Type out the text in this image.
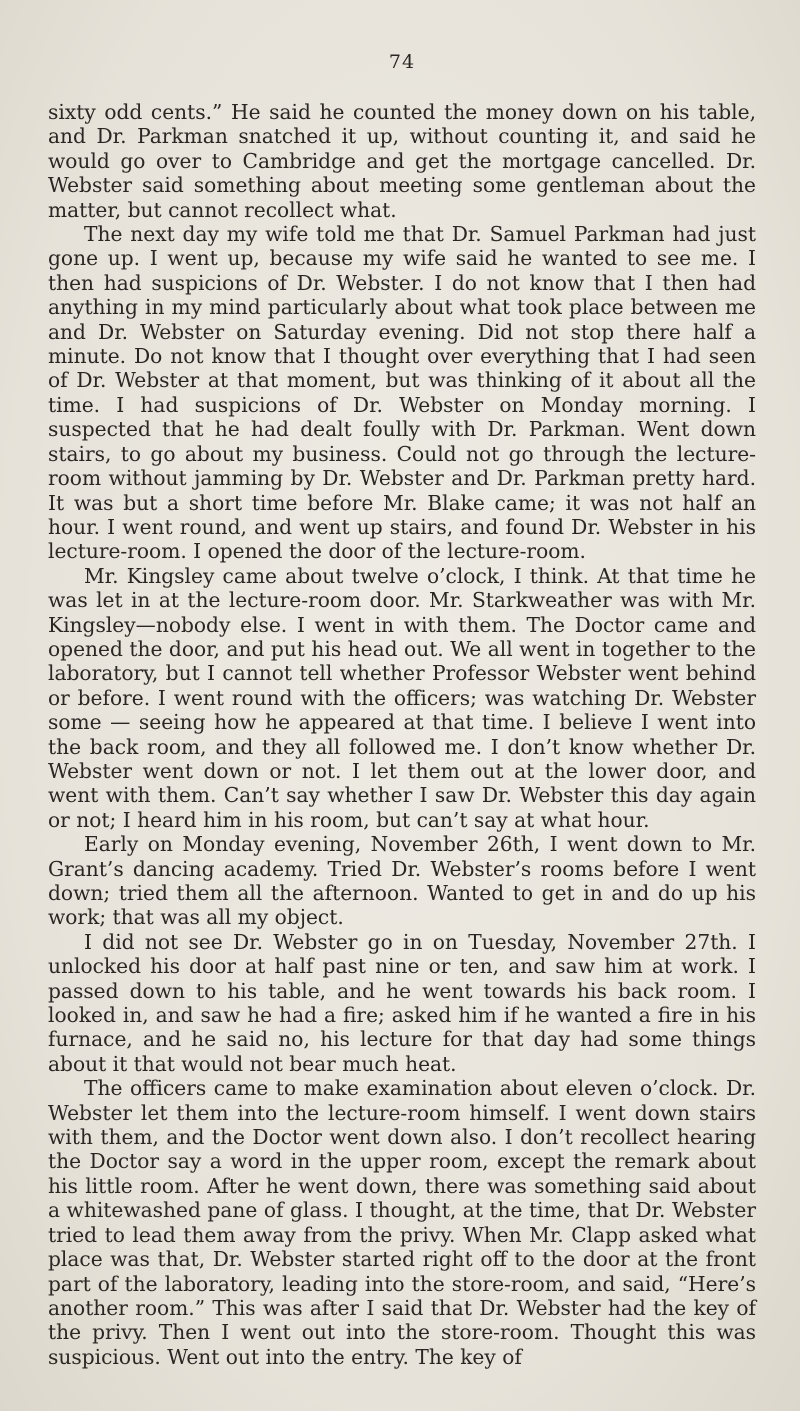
74

sixty odd cents.” He said he counted the money down on his table, and Dr. Parkman snatched it up, without counting it, and said he would go over to Cambridge and get the mortgage cancelled. Dr. Webster said something about meeting some gentleman about the matter, but cannot recollect what.

The next day my wife told me that Dr. Samuel Parkman had just gone up. I went up, because my wife said he wanted to see me. I then had suspicions of Dr. Webster. I do not know that I then had anything in my mind particularly about what took place between me and Dr. Webster on Saturday evening. Did not stop there half a minute. Do not know that I thought over everything that I had seen of Dr. Webster at that moment, but was thinking of it about all the time. I had suspicions of Dr. Webster on Monday morning. I suspected that he had dealt foully with Dr. Parkman. Went down stairs, to go about my business. Could not go through the lecture-room without jamming by Dr. Webster and Dr. Parkman pretty hard. It was but a short time before Mr. Blake came; it was not half an hour. I went round, and went up stairs, and found Dr. Webster in his lecture-room. I opened the door of the lecture-room.

Mr. Kingsley came about twelve o’clock, I think. At that time he was let in at the lecture-room door. Mr. Starkweather was with Mr. Kingsley—nobody else. I went in with them. The Doctor came and opened the door, and put his head out. We all went in together to the laboratory, but I cannot tell whether Professor Webster went behind or before. I went round with the officers; was watching Dr. Webster some — seeing how he appeared at that time. I believe I went into the back room, and they all followed me. I don’t know whether Dr. Webster went down or not. I let them out at the lower door, and went with them. Can’t say whether I saw Dr. Webster this day again or not; I heard him in his room, but can’t say at what hour.

Early on Monday evening, November 26th, I went down to Mr. Grant’s dancing academy. Tried Dr. Webster’s rooms before I went down; tried them all the afternoon. Wanted to get in and do up his work; that was all my object.

I did not see Dr. Webster go in on Tuesday, November 27th. I unlocked his door at half past nine or ten, and saw him at work. I passed down to his table, and he went towards his back room. I looked in, and saw he had a fire; asked him if he wanted a fire in his furnace, and he said no, his lecture for that day had some things about it that would not bear much heat.

The officers came to make examination about eleven o’clock. Dr. Webster let them into the lecture-room himself. I went down stairs with them, and the Doctor went down also. I don’t recollect hearing the Doctor say a word in the upper room, except the remark about his little room. After he went down, there was something said about a whitewashed pane of glass. I thought, at the time, that Dr. Webster tried to lead them away from the privy. When Mr. Clapp asked what place was that, Dr. Webster started right off to the door at the front part of the laboratory, leading into the store-room, and said, “Here’s another room.” This was after I said that Dr. Webster had the key of the privy. Then I went out into the store-room. Thought this was suspicious. Went out into the entry. The key of
